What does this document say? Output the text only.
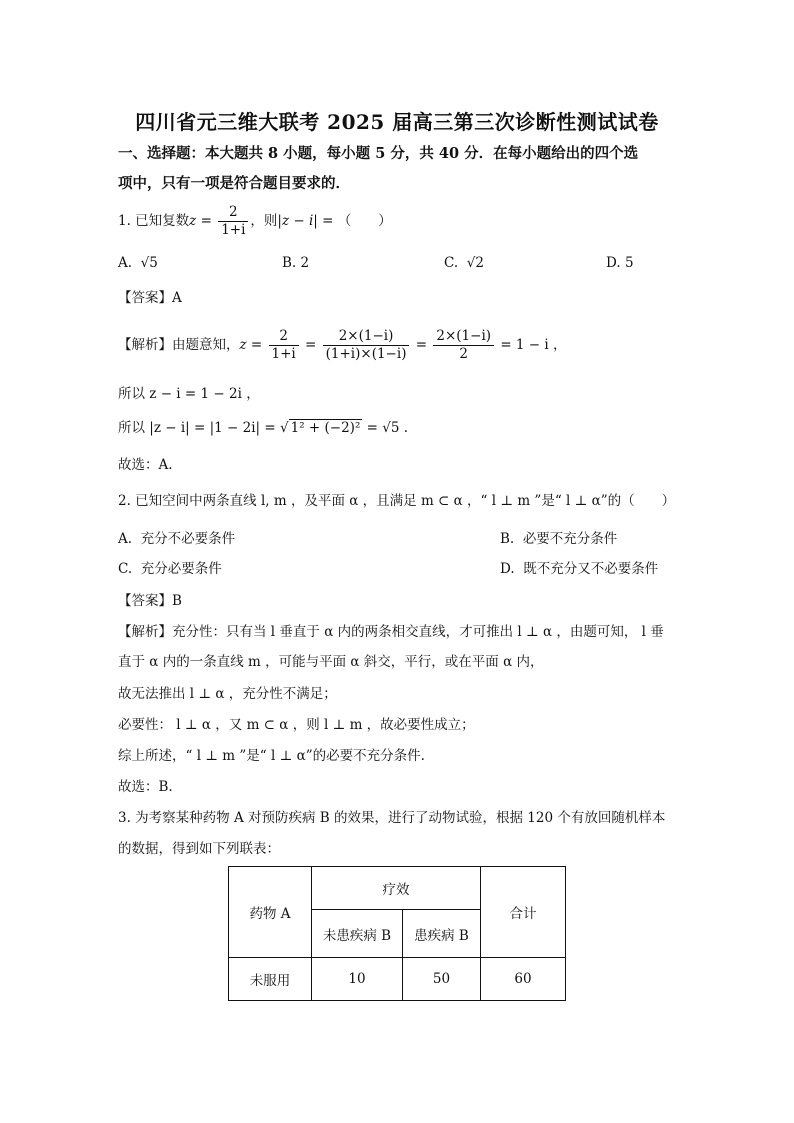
四川省元三维大联考 2025 届高三第三次诊断性测试试卷
一、选择题：本大题共 8 小题，每小题 5 分，共 40 分．在每小题给出的四个选
项中，只有一项是符合题目要求的．
1. 已知复数$z = \frac{2}{1+i}$ ，则|z − i| = （　　）
A. √5	B. 2	C. √2	D. 5
【答案】A
【解析】由题意知，$z = \frac{2}{1+i} = \frac{2\times(1-i)}{(1+i)\times(1-i)} = \frac{2\times(1-i)}{2} = 1 - i$ ，
所以 z − i = 1 − 2i ，
所以 |z − i| = |1 − 2i| = √ 1² + (−2)² = √5 .
故选：A.
2. 已知空间中两条直线 l, m ，及平面 α ，且满足 m ⊂ α ，“ l ⊥ m ”是“ l ⊥ α”的（　　）
A. 充分不必要条件	B. 必要不充分条件
C. 充分必要条件	D. 既不充分又不必要条件
【答案】B
【解析】充分性：只有当 l 垂直于 α 内的两条相交直线，才可推出 l ⊥ α ，由题可知， l 垂
直于 α 内的一条直线 m ，可能与平面 α 斜交，平行，或在平面 α 内，
故无法推出 l ⊥ α ，充分性不满足；
必要性： l ⊥ α ，又 m ⊂ α ，则 l ⊥ m ，故必要性成立；
综上所述，“ l ⊥ m ”是“ l ⊥ α”的必要不充分条件.
故选：B.
3. 为考察某种药物 A 对预防疾病 B 的效果，进行了动物试验，根据 120 个有放回随机样本
的数据，得到如下列联表：
药物 A	疗效		合计
	未患疾病 B	患疾病 B	
未服用	10	50	60
